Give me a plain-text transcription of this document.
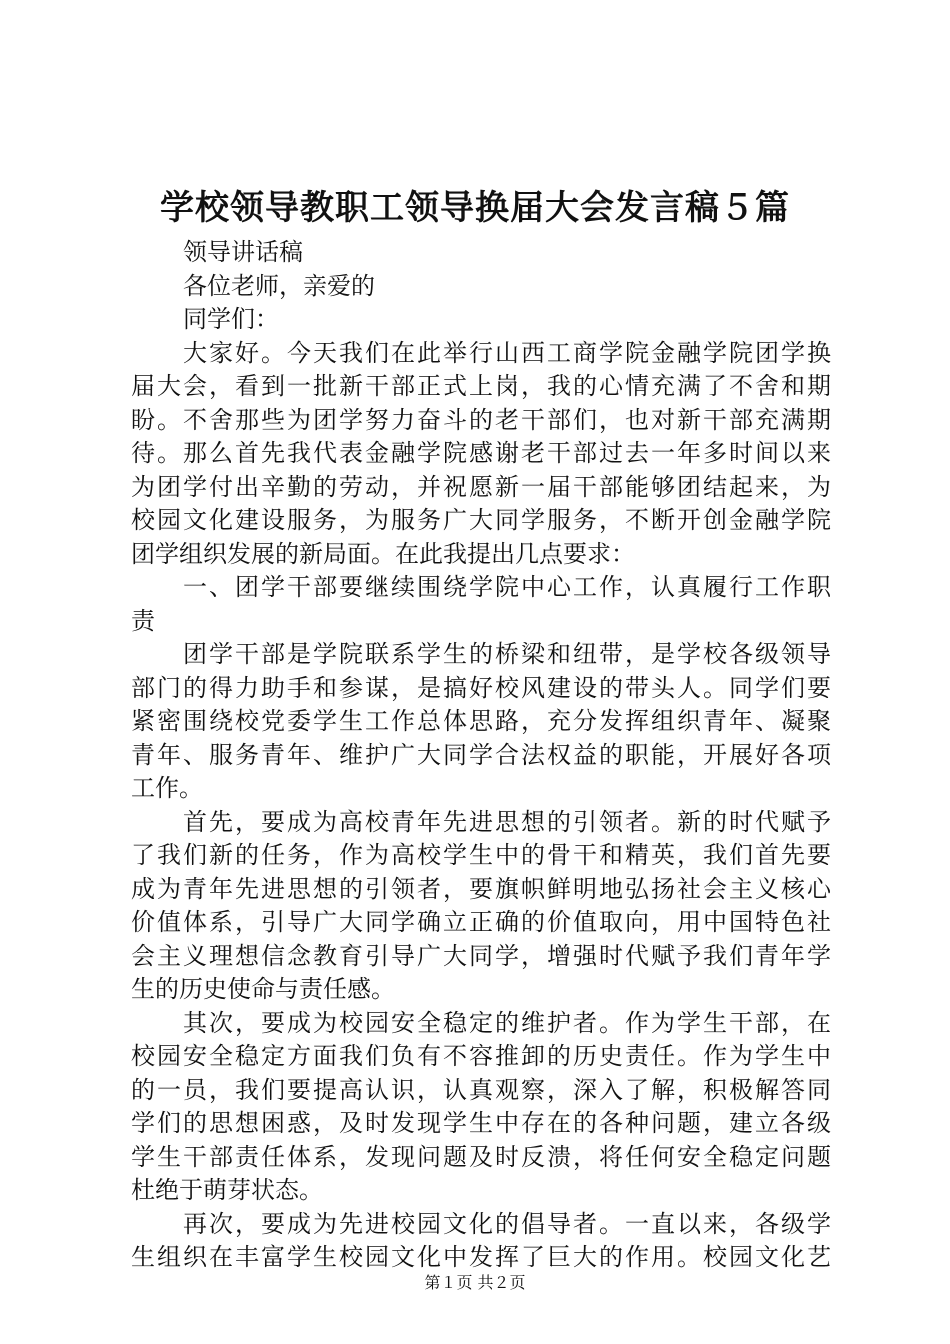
学校领导教职工领导换届大会发言稿５篇
领导讲话稿
各位老师，亲爱的
同学们：
大家好。今天我们在此举行山西工商学院金融学院团学换
届大会，看到一批新干部正式上岗，我的心情充满了不舍和期
盼。不舍那些为团学努力奋斗的老干部们，也对新干部充满期
待。那么首先我代表金融学院感谢老干部过去一年多时间以来
为团学付出辛勤的劳动，并祝愿新一届干部能够团结起来，为
校园文化建设服务，为服务广大同学服务，不断开创金融学院
团学组织发展的新局面。在此我提出几点要求：
一、团学干部要继续围绕学院中心工作，认真履行工作职
责
团学干部是学院联系学生的桥梁和纽带，是学校各级领导
部门的得力助手和参谋，是搞好校风建设的带头人。同学们要
紧密围绕校党委学生工作总体思路，充分发挥组织青年、凝聚
青年、服务青年、维护广大同学合法权益的职能，开展好各项
工作。
首先，要成为高校青年先进思想的引领者。新的时代赋予
了我们新的任务，作为高校学生中的骨干和精英，我们首先要
成为青年先进思想的引领者，要旗帜鲜明地弘扬社会主义核心
价值体系，引导广大同学确立正确的价值取向，用中国特色社
会主义理想信念教育引导广大同学，增强时代赋予我们青年学
生的历史使命与责任感。
其次，要成为校园安全稳定的维护者。作为学生干部，在
校园安全稳定方面我们负有不容推卸的历史责任。作为学生中
的一员，我们要提高认识，认真观察，深入了解，积极解答同
学们的思想困惑，及时发现学生中存在的各种问题，建立各级
学生干部责任体系，发现问题及时反溃，将任何安全稳定问题
杜绝于萌芽状态。
再次，要成为先进校园文化的倡导者。一直以来，各级学
生组织在丰富学生校园文化中发挥了巨大的作用。校园文化艺
第１页 共２页
